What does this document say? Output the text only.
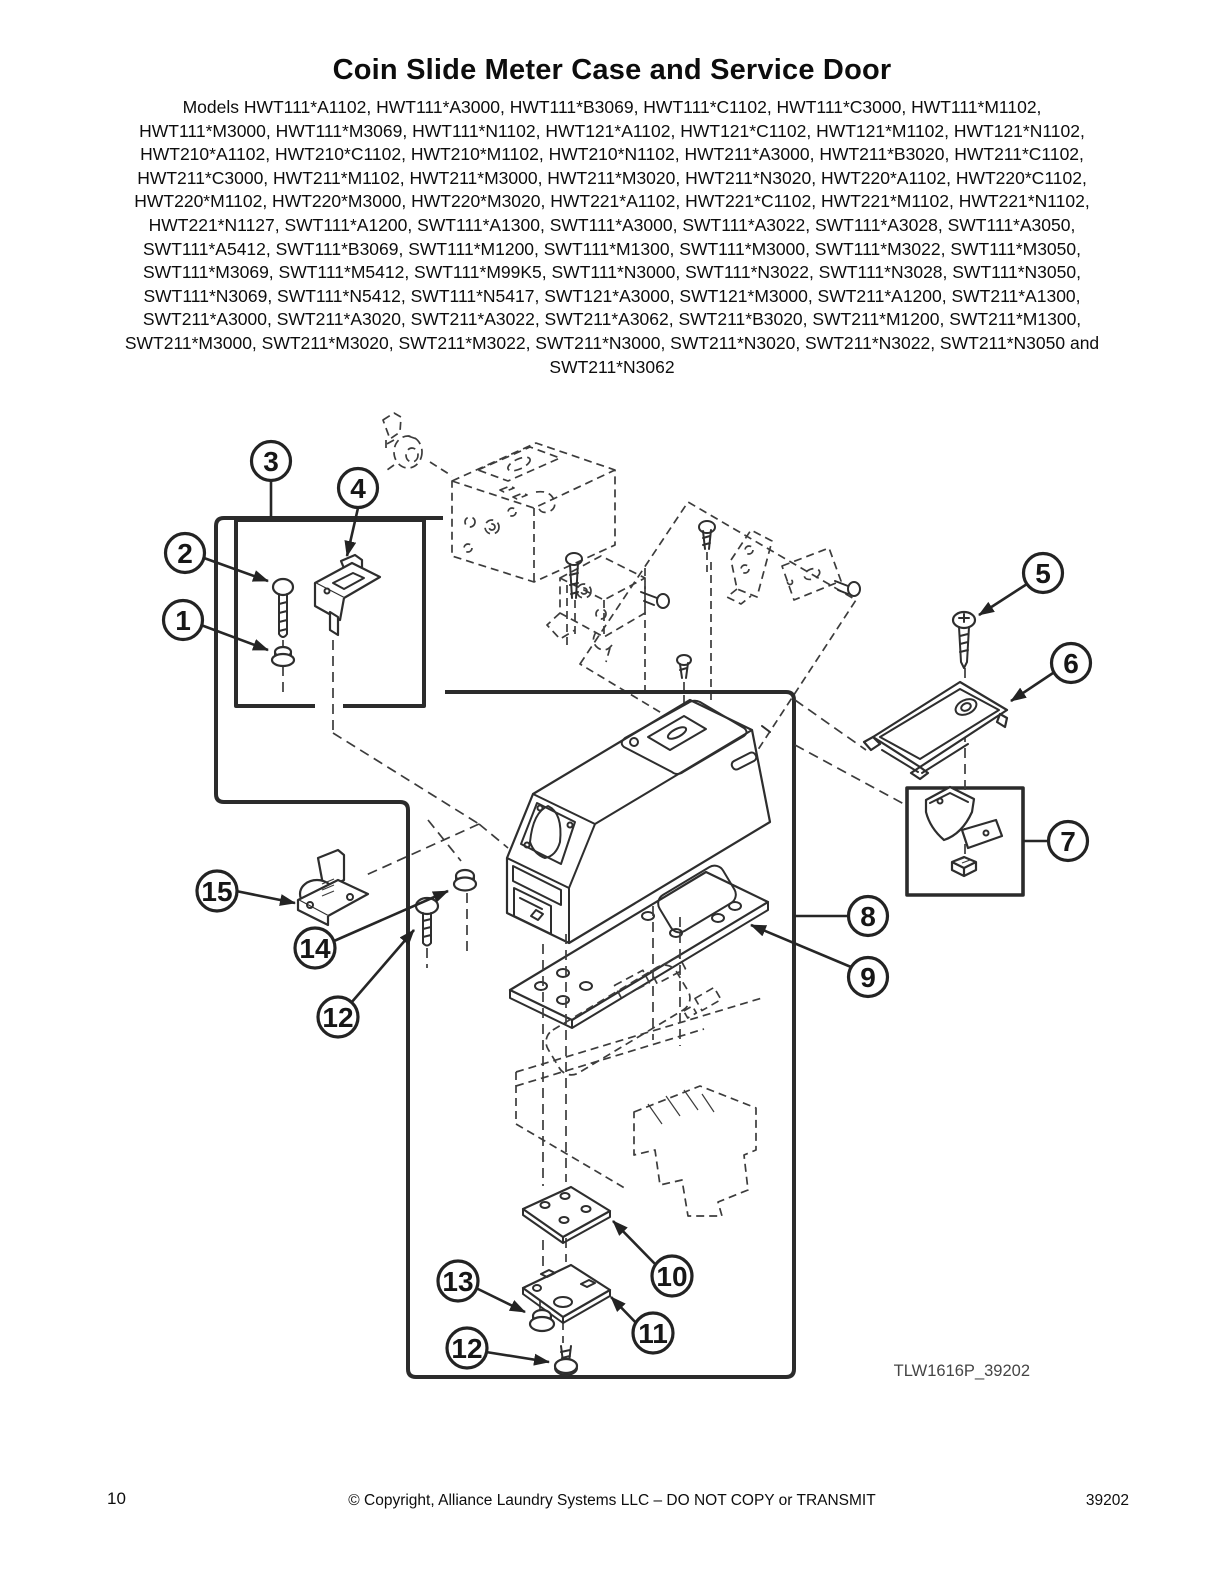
Coin Slide Meter Case and Service Door
Models HWT111*A1102, HWT111*A3000, HWT111*B3069, HWT111*C1102, HWT111*C3000, HWT111*M1102,
HWT111*M3000, HWT111*M3069, HWT111*N1102, HWT121*A1102, HWT121*C1102, HWT121*M1102, HWT121*N1102,
HWT210*A1102, HWT210*C1102, HWT210*M1102, HWT210*N1102, HWT211*A3000, HWT211*B3020, HWT211*C1102,
HWT211*C3000, HWT211*M1102, HWT211*M3000, HWT211*M3020, HWT211*N3020, HWT220*A1102, HWT220*C1102,
HWT220*M1102, HWT220*M3000, HWT220*M3020, HWT221*A1102, HWT221*C1102, HWT221*M1102, HWT221*N1102,
HWT221*N1127, SWT111*A1200, SWT111*A1300, SWT111*A3000, SWT111*A3022, SWT111*A3028, SWT111*A3050,
SWT111*A5412, SWT111*B3069, SWT111*M1200, SWT111*M1300, SWT111*M3000, SWT111*M3022, SWT111*M3050,
SWT111*M3069, SWT111*M5412, SWT111*M99K5, SWT111*N3000, SWT111*N3022, SWT111*N3028, SWT111*N3050,
SWT111*N3069, SWT111*N5412, SWT111*N5417, SWT121*A3000, SWT121*M3000, SWT211*A1200, SWT211*A1300,
SWT211*A3000, SWT211*A3020, SWT211*A3022, SWT211*A3062, SWT211*B3020, SWT211*M1200, SWT211*M1300,
SWT211*M3000, SWT211*M3020, SWT211*M3022, SWT211*N3000, SWT211*N3020, SWT211*N3022, SWT211*N3050 and
SWT211*N3062
1
2
3
4
5
6
7
8
9
10
11
12
12
13
14
15
TLW1616P_39202
10	© Copyright, Alliance Laundry Systems LLC – DO NOT COPY or TRANSMIT	39202
